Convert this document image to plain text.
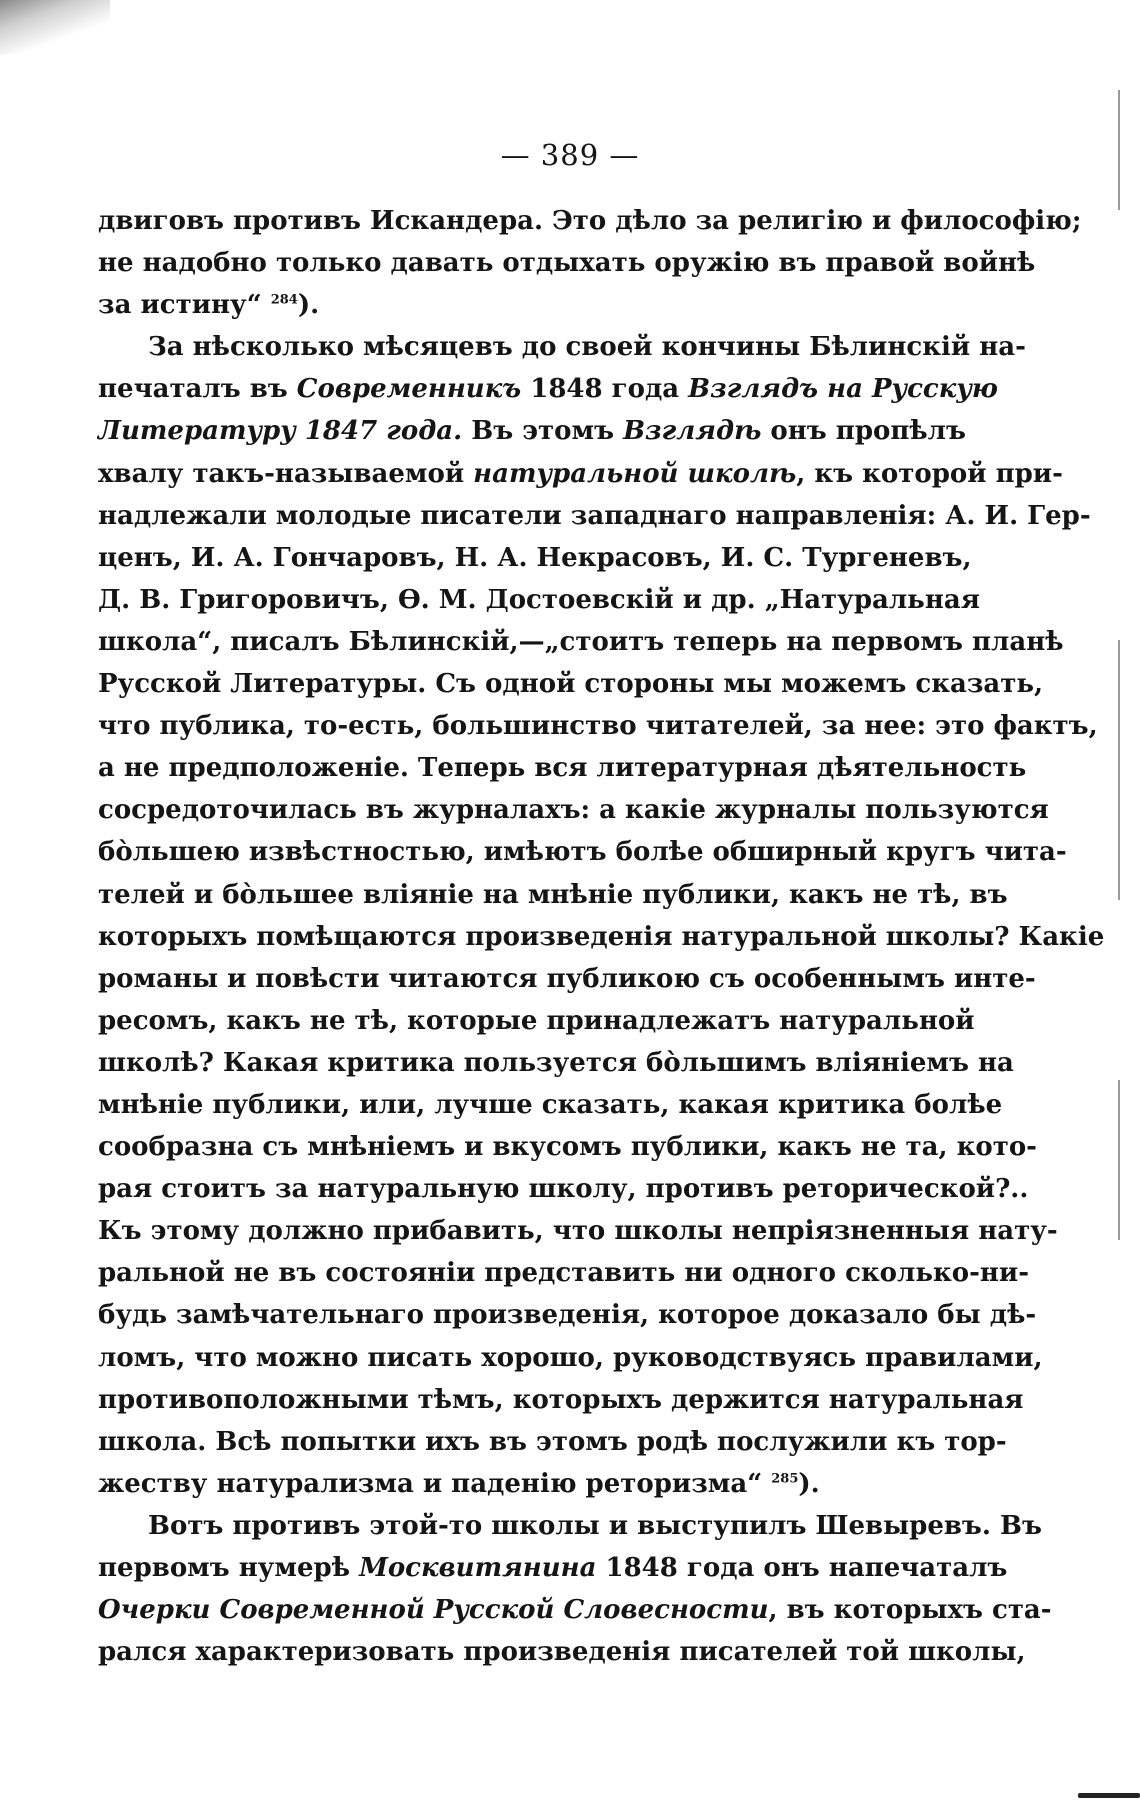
— 389 —
двиговъ противъ Искандера. Это дѣло за религію и философію;
не надобно только давать отдыхать оружію въ правой войнѣ
за истину“ $^{284}$).
За нѣсколько мѣсяцевъ до своей кончины Бѣлинскій на-
печаталъ въ Современникъ 1848 года Взглядъ на Русскую
Литературу 1847 года. Въ этомъ Взглядѣ онъ пропѣлъ
хвалу такъ-называемой натуральной школѣ, къ которой при-
надлежали молодые писатели западнаго направленія: А. И. Гер-
ценъ, И. А. Гончаровъ, Н. А. Некрасовъ, И. С. Тургеневъ,
Д. В. Григоровичъ, Ѳ. М. Достоевскій и др. „Натуральная
школа“, писалъ Бѣлинскій,—„стоитъ теперь на первомъ планѣ
Русской Литературы. Съ одной стороны мы можемъ сказать,
что публика, то-есть, большинство читателей, за нее: это фактъ,
а не предположеніе. Теперь вся литературная дѣятельность
сосредоточилась въ журналахъ: а какіе журналы пользуются
бо̀льшею извѣстностью, имѣютъ болѣе обширный кругъ чита-
телей и бо̀льшее вліяніе на мнѣніе публики, какъ не тѣ, въ
которыхъ помѣщаются произведенія натуральной школы? Какіе
романы и повѣсти читаются публикою съ особеннымъ инте-
ресомъ, какъ не тѣ, которые принадлежатъ натуральной
школѣ? Какая критика пользуется бо̀льшимъ вліяніемъ на
мнѣніе публики, или, лучше сказать, какая критика болѣе
сообразна съ мнѣніемъ и вкусомъ публики, какъ не та, кото-
рая стоитъ за натуральную школу, противъ реторической?..
Къ этому должно прибавить, что школы непріязненныя нату-
ральной не въ состояніи представить ни одного сколько-ни-
будь замѣчательнаго произведенія, которое доказало бы дѣ-
ломъ, что можно писать хорошо, руководствуясь правилами,
противоположными тѣмъ, которыхъ держится натуральная
школа. Всѣ попытки ихъ въ этомъ родѣ послужили къ тор-
жеству натурализма и паденію реторизма“ $^{285}$).
Вотъ противъ этой-то школы и выступилъ Шевыревъ. Въ
первомъ нумерѣ Москвитянина 1848 года онъ напечаталъ
Очерки Современной Русской Словесности, въ которыхъ ста-
рался характеризовать произведенія писателей той школы,
